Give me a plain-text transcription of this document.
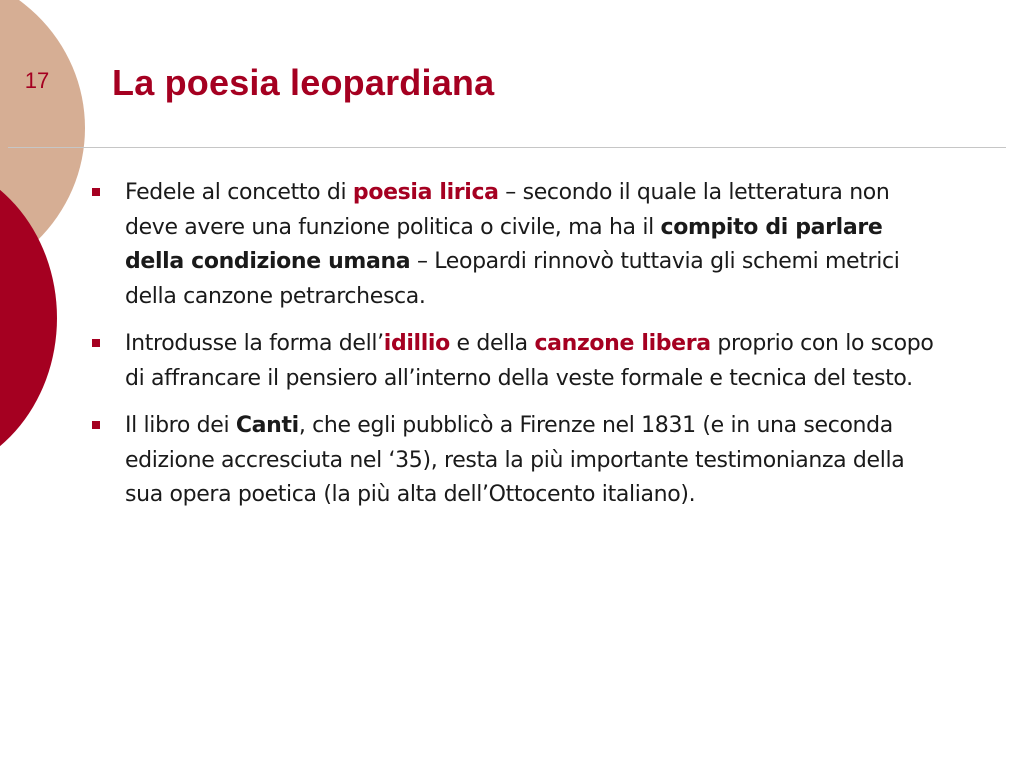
17 La poesia leopardiana
Fedele al concetto di poesia lirica – secondo il quale la letteratura non deve avere una funzione politica o civile, ma ha il compito di parlare della condizione umana – Leopardi rinnovò tuttavia gli schemi metrici della canzone petrarchesca.
Introdusse la forma dell’idillio e della canzone libera proprio con lo scopo di affrancare il pensiero all’interno della veste formale e tecnica del testo.
Il libro dei Canti, che egli pubblicò a Firenze nel 1831 (e in una seconda edizione accresciuta nel ‘35), resta la più importante testimonianza della sua opera poetica (la più alta dell’Ottocento italiano).
